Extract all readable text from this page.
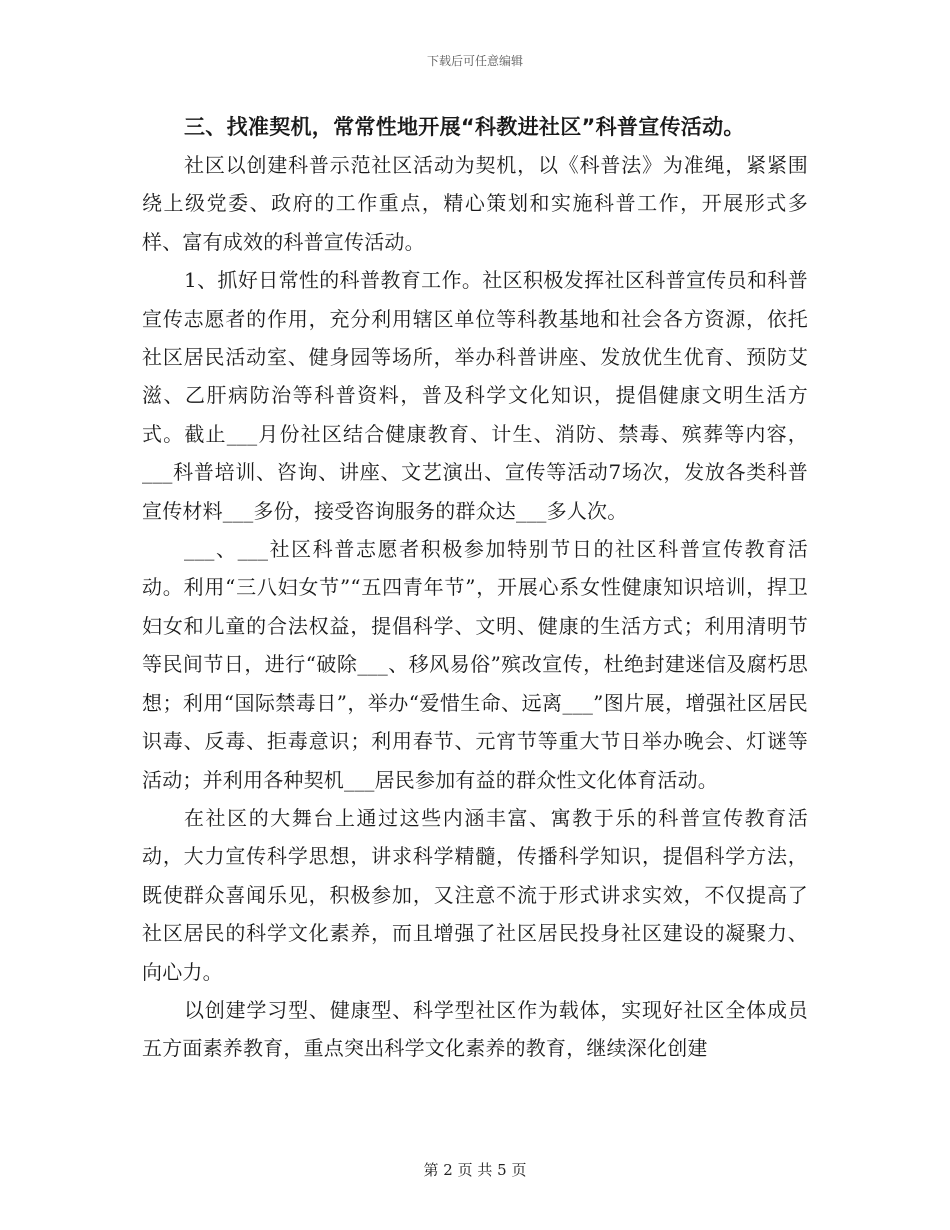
下载后可任意编辑

三、找准契机，常常性地开展“科教进社区”科普宣传活动。

社区以创建科普示范社区活动为契机，以《科普法》为准绳，紧紧围绕上级党委、政府的工作重点，精心策划和实施科普工作，开展形式多样、富有成效的科普宣传活动。

1、抓好日常性的科普教育工作。社区积极发挥社区科普宣传员和科普宣传志愿者的作用，充分利用辖区单位等科教基地和社会各方资源，依托社区居民活动室、健身园等场所，举办科普讲座、发放优生优育、预防艾滋、乙肝病防治等科普资料，普及科学文化知识，提倡健康文明生活方式。截止___月份社区结合健康教育、计生、消防、禁毒、殡葬等内容，___科普培训、咨询、讲座、文艺演出、宣传等活动7场次，发放各类科普宣传材料___多份，接受咨询服务的群众达___多人次。

___、___社区科普志愿者积极参加特别节日的社区科普宣传教育活动。利用“三八妇女节”“五四青年节”，开展心系女性健康知识培训，捍卫妇女和儿童的合法权益，提倡科学、文明、健康的生活方式；利用清明节等民间节日，进行“破除___、移风易俗”殡改宣传，杜绝封建迷信及腐朽思想；利用“国际禁毒日”，举办“爱惜生命、远离___”图片展，增强社区居民识毒、反毒、拒毒意识；利用春节、元宵节等重大节日举办晚会、灯谜等活动；并利用各种契机___居民参加有益的群众性文化体育活动。

在社区的大舞台上通过这些内涵丰富、寓教于乐的科普宣传教育活动，大力宣传科学思想，讲求科学精髓，传播科学知识，提倡科学方法，既使群众喜闻乐见，积极参加，又注意不流于形式讲求实效，不仅提高了社区居民的科学文化素养，而且增强了社区居民投身社区建设的凝聚力、向心力。

以创建学习型、健康型、科学型社区作为载体，实现好社区全体成员五方面素养教育，重点突出科学文化素养的教育，继续深化创建

第 2 页 共 5 页
